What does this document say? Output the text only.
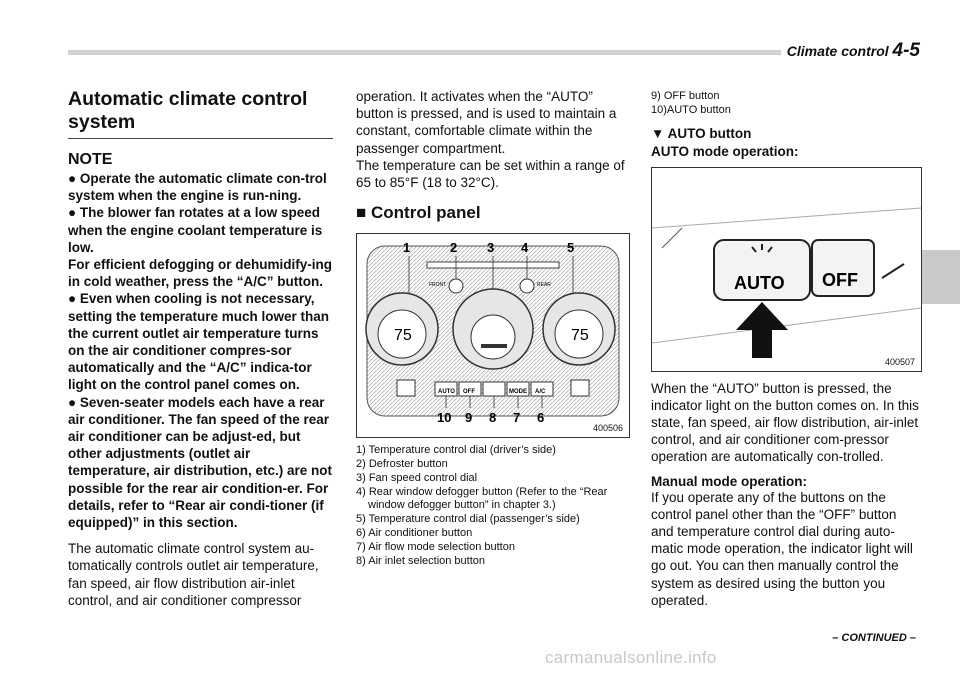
Climate control 4-5
Automatic climate control system
NOTE
● Operate the automatic climate con-trol system when the engine is run-ning.
● The blower fan rotates at a low speed when the engine coolant temperature is low.
For efficient defogging or dehumidify-ing in cold weather, press the “A/C” button.
● Even when cooling is not necessary, setting the temperature much lower than the current outlet air temperature turns on the air conditioner compres-sor automatically and the “A/C” indica-tor light on the control panel comes on.
● Seven-seater models each have a rear air conditioner. The fan speed of the rear air conditioner can be adjust-ed, but other adjustments (outlet air temperature, air distribution, etc.) are not possible for the rear air condition-er. For details, refer to “Rear air condi-tioner (if equipped)” in this section.

The automatic climate control system au-tomatically controls outlet air temperature, fan speed, air flow distribution air-inlet control, and air conditioner compressor

operation. It activates when the “AUTO” button is pressed, and is used to maintain a constant, comfortable climate within the passenger compartment.

The temperature can be set within a range of 65 to 85°F (18 to 32°C).

■ Control panel
75	75
FRONT	REAR
AUTO OFF	MODE A/C
1	2 3 4	5
10 9 8 7 6
400506
1) Temperature control dial (driver’s side)
2) Defroster button
3) Fan speed control dial
4) Rear window defogger button (Refer to the “Rear window defogger button” in chapter 3.)
5) Temperature control dial (passenger’s side)
6) Air conditioner button
7) Air flow mode selection button
8) Air inlet selection button
9) OFF button
10)AUTO button
▼ AUTO button
AUTO mode operation:
AUTO OFF
400507

When the “AUTO” button is pressed, the indicator light on the button comes on. In this state, fan speed, air flow distribution, air-inlet control, and air conditioner com-pressor operation are automatically con-trolled.

Manual mode operation:

If you operate any of the buttons on the control panel other than the “OFF” button and temperature control dial during auto-matic mode operation, the indicator light will go out. You can then manually control the system as desired using the button you operated.

– CONTINUED –
carmanualsonline.info
